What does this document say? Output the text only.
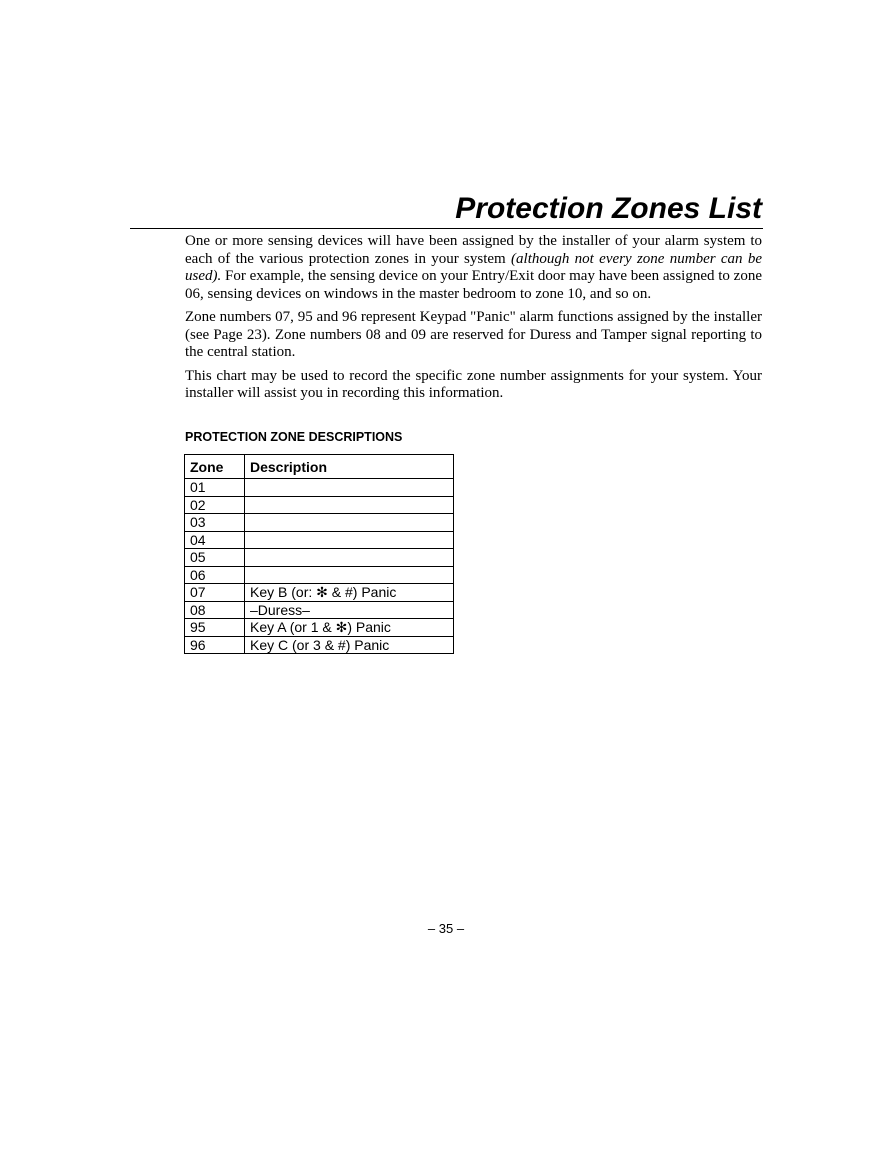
Protection Zones List

One or more sensing devices will have been assigned by the installer of your alarm system to each of the various protection zones in your system (although not every zone number can be used). For example, the sensing device on your Entry/Exit door may have been assigned to zone 06, sensing devices on windows in the master bedroom to zone 10, and so on.

Zone numbers 07, 95 and 96 represent Keypad "Panic" alarm functions assigned by the installer (see Page 23). Zone numbers 08 and 09 are reserved for Duress and Tamper signal reporting to the central station.

This chart may be used to record the specific zone number assignments for your system. Your installer will assist you in recording this information.

PROTECTION ZONE DESCRIPTIONS
Zone	Description
01	
02	
03	
04	
05	
06	
07	Key B (or: ✻ & #) Panic
08	–Duress–
95	Key A (or 1 & ✻) Panic
96	Key C (or 3 & #) Panic
– 35 –
